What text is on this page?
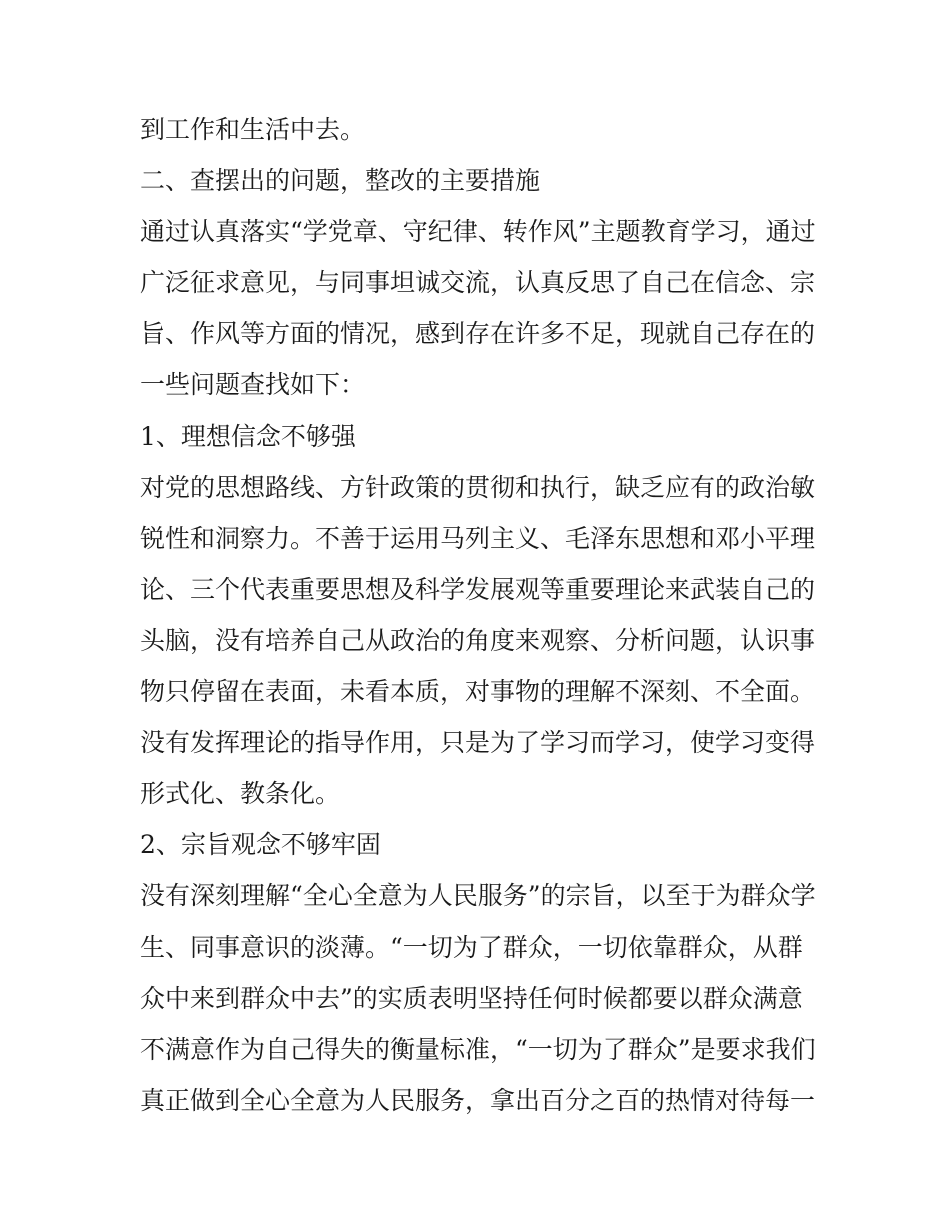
到工作和生活中去。
二、查摆出的问题，整改的主要措施
通过认真落实“学党章、守纪律、转作风”主题教育学习，通过
广泛征求意见，与同事坦诚交流，认真反思了自己在信念、宗
旨、作风等方面的情况，感到存在许多不足，现就自己存在的
一些问题查找如下：
1、理想信念不够强
对党的思想路线、方针政策的贯彻和执行，缺乏应有的政治敏
锐性和洞察力。不善于运用马列主义、毛泽东思想和邓小平理
论、三个代表重要思想及科学发展观等重要理论来武装自己的
头脑，没有培养自己从政治的角度来观察、分析问题，认识事
物只停留在表面，未看本质，对事物的理解不深刻、不全面。
没有发挥理论的指导作用，只是为了学习而学习，使学习变得
形式化、教条化。
2、宗旨观念不够牢固
没有深刻理解“全心全意为人民服务”的宗旨，以至于为群众学
生、同事意识的淡薄。“一切为了群众，一切依靠群众，从群
众中来到群众中去”的实质表明坚持任何时候都要以群众满意
不满意作为自己得失的衡量标准，“一切为了群众”是要求我们
真正做到全心全意为人民服务，拿出百分之百的热情对待每一
